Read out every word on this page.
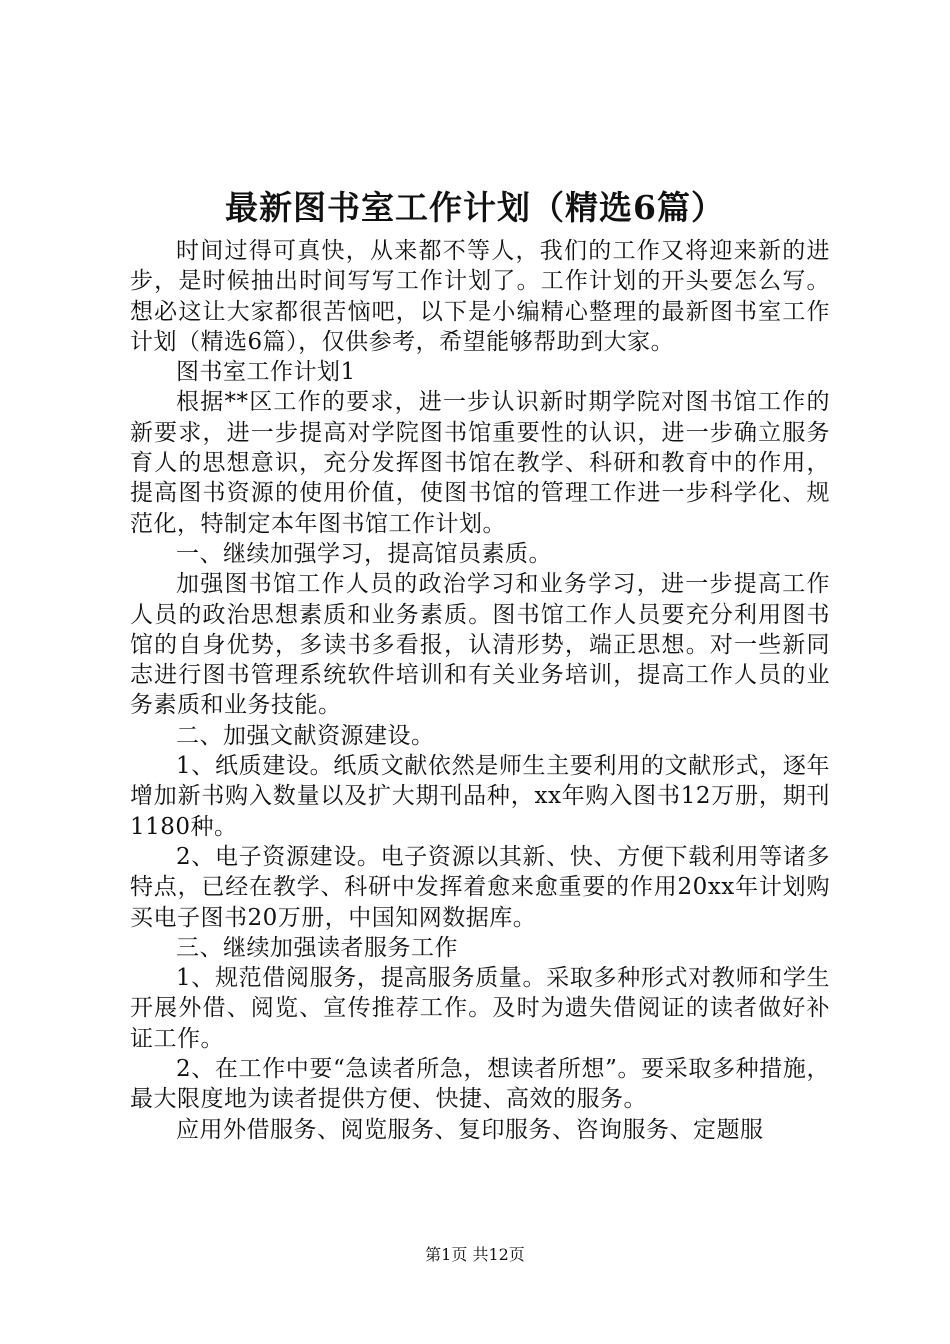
最新图书室工作计划（精选6篇）

时间过得可真快，从来都不等人，我们的工作又将迎来新的进步，是时候抽出时间写写工作计划了。工作计划的开头要怎么写。想必这让大家都很苦恼吧，以下是小编精心整理的最新图书室工作计划（精选6篇），仅供参考，希望能够帮助到大家。

图书室工作计划1

根据**区工作的要求，进一步认识新时期学院对图书馆工作的新要求，进一步提高对学院图书馆重要性的认识，进一步确立服务育人的思想意识，充分发挥图书馆在教学、科研和教育中的作用，提高图书资源的使用价值，使图书馆的管理工作进一步科学化、规范化，特制定本年图书馆工作计划。

一、继续加强学习，提高馆员素质。

加强图书馆工作人员的政治学习和业务学习，进一步提高工作人员的政治思想素质和业务素质。图书馆工作人员要充分利用图书馆的自身优势，多读书多看报，认清形势，端正思想。对一些新同志进行图书管理系统软件培训和有关业务培训，提高工作人员的业务素质和业务技能。

二、加强文献资源建设。

1、纸质建设。纸质文献依然是师生主要利用的文献形式，逐年增加新书购入数量以及扩大期刊品种，xx年购入图书12万册，期刊1180种。

2、电子资源建设。电子资源以其新、快、方便下载利用等诸多特点，已经在教学、科研中发挥着愈来愈重要的作用20xx年计划购买电子图书20万册，中国知网数据库。

三、继续加强读者服务工作

1、规范借阅服务，提高服务质量。采取多种形式对教师和学生开展外借、阅览、宣传推荐工作。及时为遗失借阅证的读者做好补证工作。

2、在工作中要“急读者所急，想读者所想”。要采取多种措施，最大限度地为读者提供方便、快捷、高效的服务。

应用外借服务、阅览服务、复印服务、咨询服务、定题服

第1页 共12页
